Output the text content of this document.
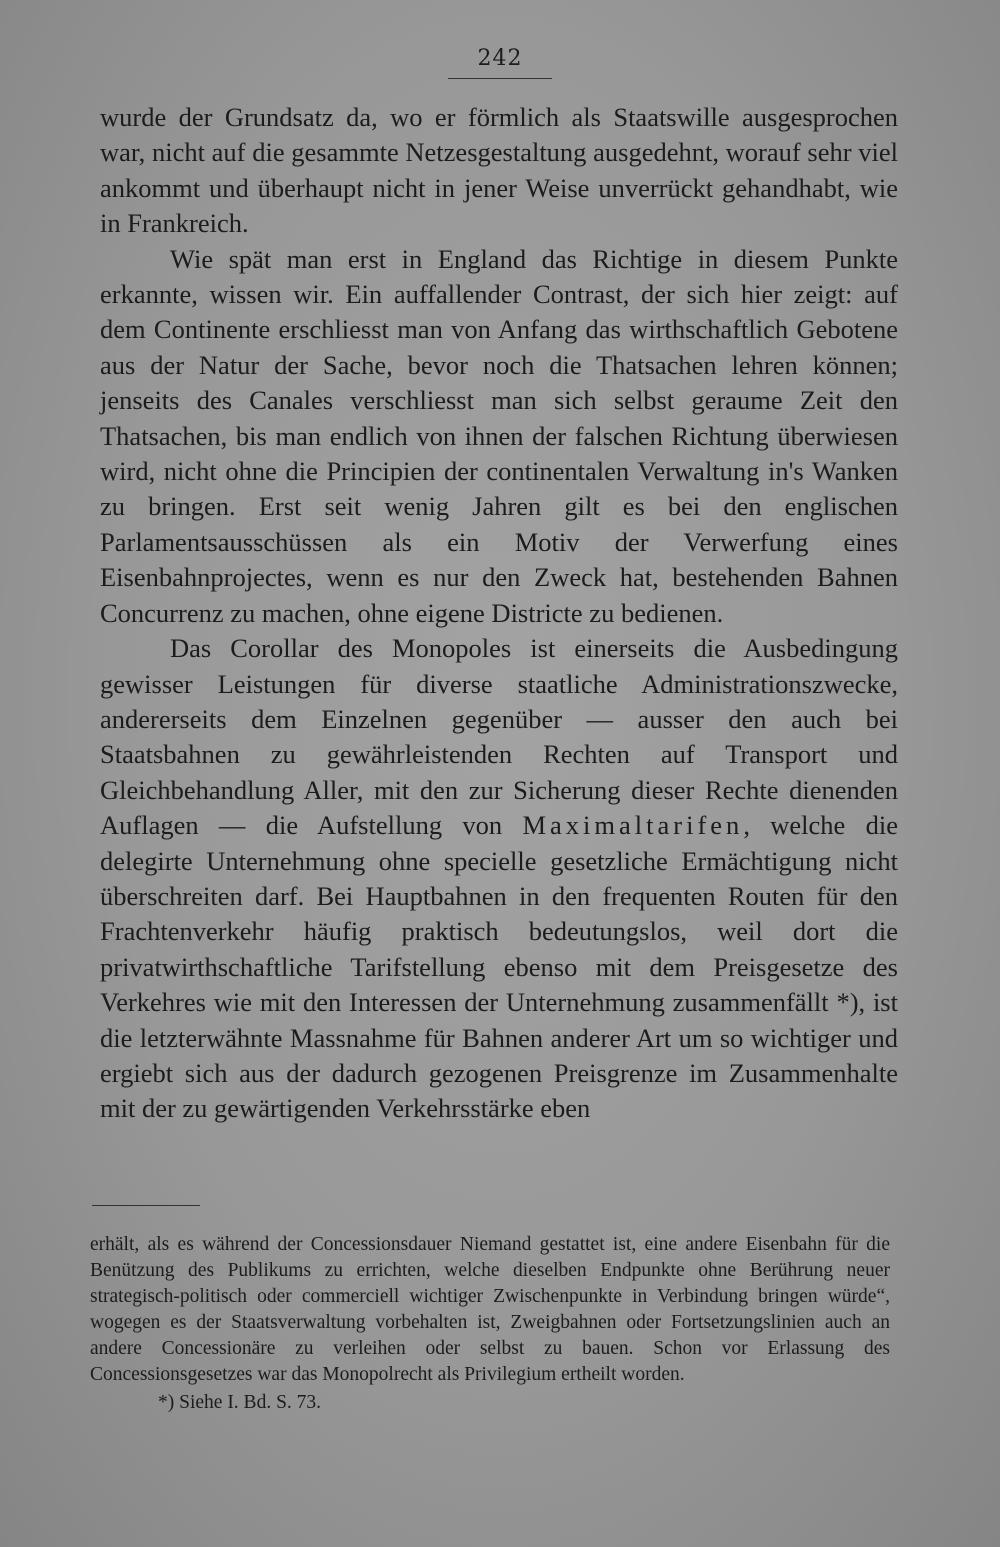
242

wurde der Grundsatz da, wo er förmlich als Staatswille ausgesprochen war, nicht auf die gesammte Netzesgestaltung ausgedehnt, worauf sehr viel ankommt und überhaupt nicht in jener Weise unverrückt gehandhabt, wie in Frankreich.

Wie spät man erst in England das Richtige in diesem Punkte erkannte, wissen wir. Ein auffallender Contrast, der sich hier zeigt: auf dem Continente erschliesst man von Anfang das wirthschaftlich Gebotene aus der Natur der Sache, bevor noch die Thatsachen lehren können; jenseits des Canales verschliesst man sich selbst geraume Zeit den Thatsachen, bis man endlich von ihnen der falschen Richtung überwiesen wird, nicht ohne die Principien der continentalen Verwaltung in's Wanken zu bringen. Erst seit wenig Jahren gilt es bei den englischen Parlamentsausschüssen als ein Motiv der Verwerfung eines Eisenbahnprojectes, wenn es nur den Zweck hat, bestehenden Bahnen Concurrenz zu machen, ohne eigene Districte zu bedienen.

Das Corollar des Monopoles ist einerseits die Ausbedingung gewisser Leistungen für diverse staatliche Administrationszwecke, andererseits dem Einzelnen gegenüber — ausser den auch bei Staatsbahnen zu gewährleistenden Rechten auf Transport und Gleichbehandlung Aller, mit den zur Sicherung dieser Rechte dienenden Auflagen — die Aufstellung von Maximaltarifen, welche die delegirte Unternehmung ohne specielle gesetzliche Ermächtigung nicht überschreiten darf. Bei Hauptbahnen in den frequenten Routen für den Frachtenverkehr häufig praktisch bedeutungslos, weil dort die privatwirthschaftliche Tarifstellung ebenso mit dem Preisgesetze des Verkehres wie mit den Interessen der Unternehmung zusammenfällt *), ist die letzterwähnte Massnahme für Bahnen anderer Art um so wichtiger und ergiebt sich aus der dadurch gezogenen Preisgrenze im Zusammenhalte mit der zu gewärtigenden Verkehrsstärke eben

erhält, als es während der Concessionsdauer Niemand gestattet ist, eine andere Eisenbahn für die Benützung des Publikums zu errichten, welche dieselben Endpunkte ohne Berührung neuer strategisch-politisch oder commerciell wichtiger Zwischenpunkte in Verbindung bringen würde“, wogegen es der Staatsverwaltung vorbehalten ist, Zweigbahnen oder Fortsetzungslinien auch an andere Concessionäre zu verleihen oder selbst zu bauen. Schon vor Erlassung des Concessionsgesetzes war das Monopolrecht als Privilegium ertheilt worden.

*) Siehe I. Bd. S. 73.
